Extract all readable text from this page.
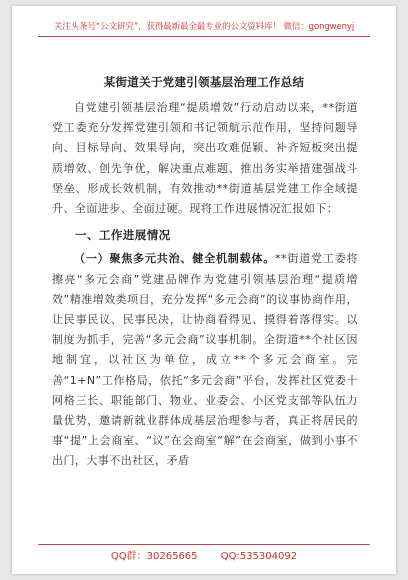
关注头条号“公文研究”，获得最新最全最专业的公文资料库！ 微信：gongwenyj
某街道关于党建引领基层治理工作总结

自党建引领基层治理“提质增效”行动启动以来，**街道党工委充分发挥党建引领和书记领航示范作用，坚持问题导向、目标导向、效果导向，突出攻难促颖、补齐短板突出提质增效、创先争优，解决重点难题、推出务实举措建强战斗堡垒、形成长效机制，有效推动**街道基层党建工作全域提升、全面进步、全面过硬。现将工作进展情况汇报如下：

一、工作进展情况

（一）聚焦多元共治、健全机制载体。**街道党工委将擦亮“多元会商”党建品牌作为党建引领基层治理“提质增效”精准增效类项目，充分发挥“多元会商”的议事协商作用，让民事民议、民事民决，让协商看得见、摸得着落得实。以制度为抓手，完善“多元会商”议事机制。全街道**个社区因地制宜，以社区为单位，成立**个多元会商室。完善“1+N”工作格局，依托“多元会商”平台，发挥社区党委十网格三长、职能部门、物业、业委会、小区党支部等队伍力量优势，邀请新就业群体成基层治理参与者，真正将居民的事“提”上会商室、“议”在会商室“解”在会商室，做到小事不出门，大事不出社区，矛盾

QQ群：30265665 QQ:535304092
